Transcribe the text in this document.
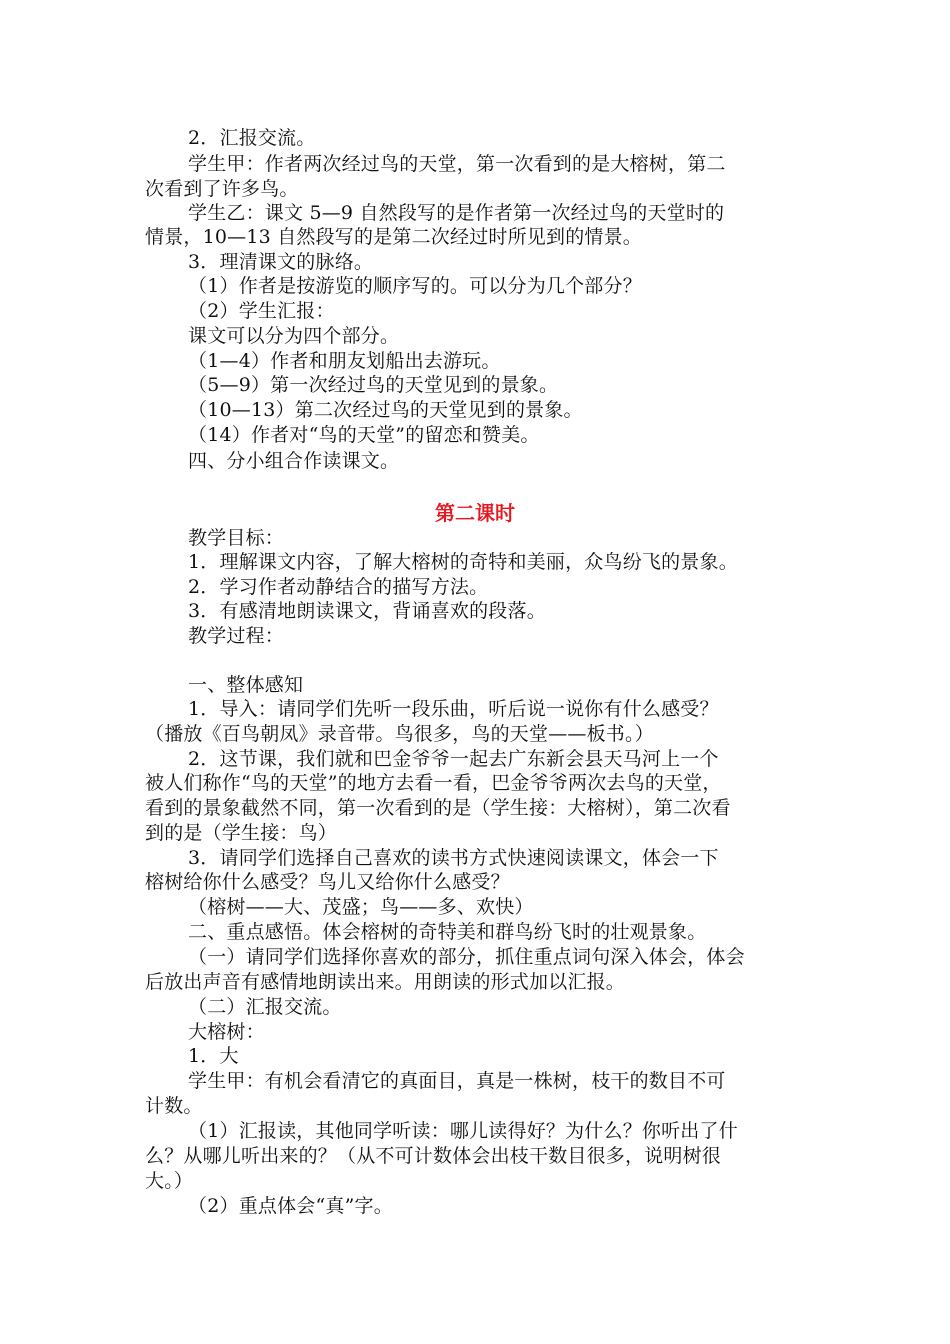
2．汇报交流。
学生甲：作者两次经过鸟的天堂，第一次看到的是大榕树，第二
次看到了许多鸟。
学生乙：课文 5—9 自然段写的是作者第一次经过鸟的天堂时的
情景，10—13 自然段写的是第二次经过时所见到的情景。
3．理清课文的脉络。
（1）作者是按游览的顺序写的。可以分为几个部分？
（2）学生汇报：
课文可以分为四个部分。
（1—4）作者和朋友划船出去游玩。
（5—9）第一次经过鸟的天堂见到的景象。
（10—13）第二次经过鸟的天堂见到的景象。
（14）作者对“鸟的天堂”的留恋和赞美。
四、分小组合作读课文。
第二课时
教学目标：
1．理解课文内容，了解大榕树的奇特和美丽，众鸟纷飞的景象。
2．学习作者动静结合的描写方法。
3．有感清地朗读课文，背诵喜欢的段落。
教学过程：
一、整体感知
1．导入：请同学们先听一段乐曲，听后说一说你有什么感受？
（播放《百鸟朝凤》录音带。鸟很多，鸟的天堂——板书。）
2．这节课，我们就和巴金爷爷一起去广东新会县天马河上一个
被人们称作“鸟的天堂”的地方去看一看，巴金爷爷两次去鸟的天堂，
看到的景象截然不同，第一次看到的是（学生接：大榕树），第二次看
到的是（学生接：鸟）
3．请同学们选择自己喜欢的读书方式快速阅读课文，体会一下
榕树给你什么感受？鸟儿又给你什么感受？
（榕树——大、茂盛；鸟——多、欢快）
二、重点感悟。体会榕树的奇特美和群鸟纷飞时的壮观景象。
（一）请同学们选择你喜欢的部分，抓住重点词句深入体会，体会
后放出声音有感情地朗读出来。用朗读的形式加以汇报。
（二）汇报交流。
大榕树：
1．大
学生甲：有机会看清它的真面目，真是一株树，枝干的数目不可
计数。
（1）汇报读，其他同学听读：哪儿读得好？为什么？你听出了什
么？从哪儿听出来的？（从不可计数体会出枝干数目很多，说明树很
大。）
（2）重点体会“真”字。
